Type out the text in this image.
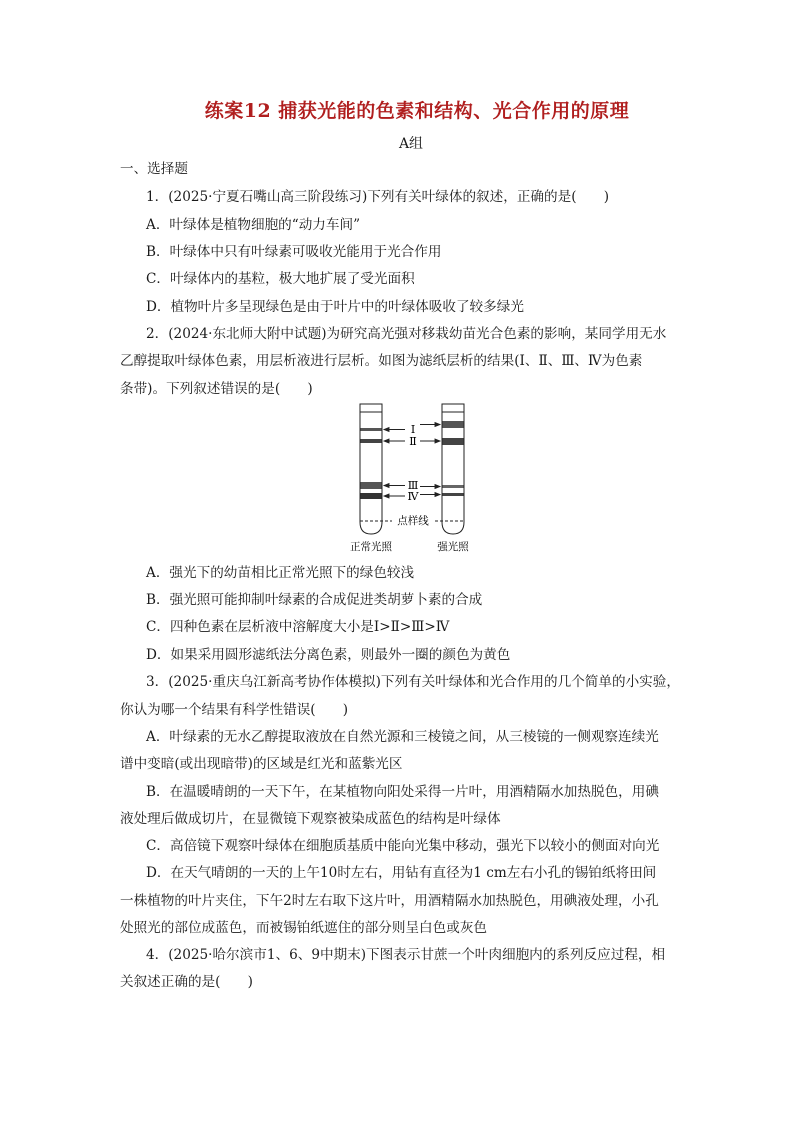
练案12 捕获光能的色素和结构、光合作用的原理
A组
一、选择题
1．(2025·宁夏石嘴山高三阶段练习)下列有关叶绿体的叙述，正确的是(　　)
A．叶绿体是植物细胞的“动力车间”
B．叶绿体中只有叶绿素可吸收光能用于光合作用
C．叶绿体内的基粒，极大地扩展了受光面积
D．植物叶片多呈现绿色是由于叶片中的叶绿体吸收了较多绿光
2．(2024·东北师大附中试题)为研究高光强对移栽幼苗光合色素的影响，某同学用无水
乙醇提取叶绿体色素，用层析液进行层析。如图为滤纸层析的结果(Ⅰ、Ⅱ、Ⅲ、Ⅳ为色素
条带)。下列叙述错误的是(　　)
Ⅰ
Ⅱ
Ⅲ
Ⅳ
点样线
正常光照	强光照
A．强光下的幼苗相比正常光照下的绿色较浅
B．强光照可能抑制叶绿素的合成促进类胡萝卜素的合成
C．四种色素在层析液中溶解度大小是Ⅰ>Ⅱ>Ⅲ>Ⅳ
D．如果采用圆形滤纸法分离色素，则最外一圈的颜色为黄色
3．(2025·重庆乌江新高考协作体模拟)下列有关叶绿体和光合作用的几个简单的小实验，
你认为哪一个结果有科学性错误(　　)
A．叶绿素的无水乙醇提取液放在自然光源和三棱镜之间，从三棱镜的一侧观察连续光
谱中变暗(或出现暗带)的区域是红光和蓝紫光区
B．在温暖晴朗的一天下午，在某植物向阳处采得一片叶，用酒精隔水加热脱色，用碘
液处理后做成切片，在显微镜下观察被染成蓝色的结构是叶绿体
C．高倍镜下观察叶绿体在细胞质基质中能向光集中移动，强光下以较小的侧面对向光
D．在天气晴朗的一天的上午10时左右，用钻有直径为1 cm左右小孔的锡铂纸将田间
一株植物的叶片夹住，下午2时左右取下这片叶，用酒精隔水加热脱色，用碘液处理，小孔
处照光的部位成蓝色，而被锡铂纸遮住的部分则呈白色或灰色
4．(2025·哈尔滨市1、6、9中期末)下图表示甘蔗一个叶肉细胞内的系列反应过程，相
关叙述正确的是(　　)
